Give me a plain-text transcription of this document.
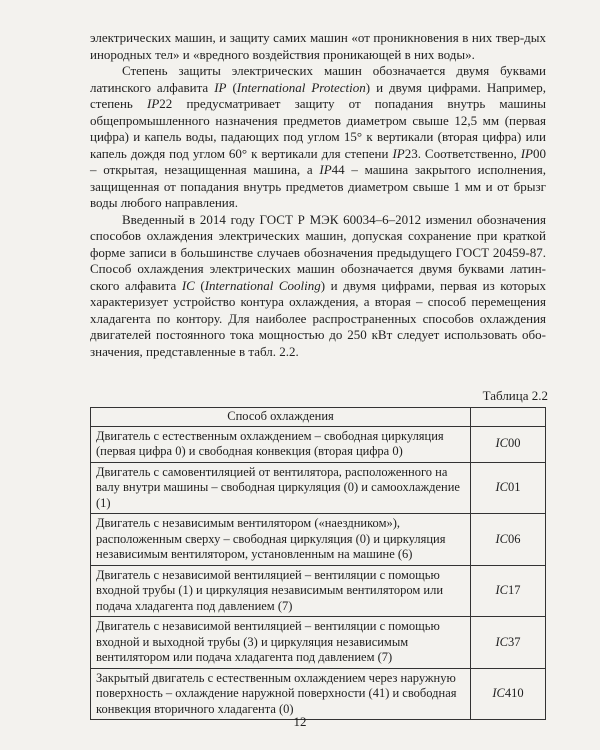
электрических машин, и защиту самих машин «от проникновения в них твер-дых инородных тел» и «вредного воздействия проникающей в них воды».

Степень защиты электрических машин обозначается двумя буквами латинского алфавита IP (International Protection) и двумя цифрами. Например, степень IP22 предусматривает защиту от попадания внутрь машины общепромышленного назначения предметов диаметром свыше 12,5 мм (первая цифра) и капель воды, падающих под углом 15° к вертикали (вторая цифра) или капель дождя под углом 60° к вертикали для степени IP23. Соответственно, IP00 – открытая, незащищенная машина, а IP44 – машина закрытого исполнения, защищенная от попадания внутрь предметов диаметром свыше 1 мм и от брызг воды любого направления.

Введенный в 2014 году ГОСТ Р МЭК 60034–6–2012 изменил обозначения способов охлаждения электрических машин, допуская сохранение при краткой форме записи в большинстве случаев обозначения предыдущего ГОСТ 20459-87. Способ охлаждения электрических машин обозначается двумя буквами латин-ского алфавита IC (International Cooling) и двумя цифрами, первая из которых характеризует устройство контура охлаждения, а вторая – способ перемещения хладагента по контору. Для наиболее распространенных способов охлаждения двигателей постоянного тока мощностью до 250 кВт следует использовать обо-значения, представленные в табл. 2.2.

Таблица 2.2
Способ охлаждения	
Двигатель с естественным охлаждением – свободная циркуляция (первая цифра 0) и свободная конвекция (вторая цифра 0)	IC00
Двигатель с самовентиляцией от вентилятора, расположенного на валу внутри машины – свободная циркуляция (0) и самоохлаждение (1)	IC01
Двигатель с независимым вентилятором («наездником»), расположенным сверху – свободная циркуляция (0) и циркуляция независимым вентилятором, установленным на машине (6)	IC06
Двигатель с независимой вентиляцией – вентиляции с помощью входной трубы (1) и циркуляция независимым вентилятором или подача хладагента под давлением (7)	IC17
Двигатель с независимой вентиляцией – вентиляции с помощью входной и выходной трубы (3) и циркуляция независимым вентилятором или подача хладагента под давлением (7)	IC37
Закрытый двигатель с естественным охлаждением через наружную поверхность – охлаждение наружной поверхности (41) и свободная конвекция вторичного хладагента (0)	IC410
12
